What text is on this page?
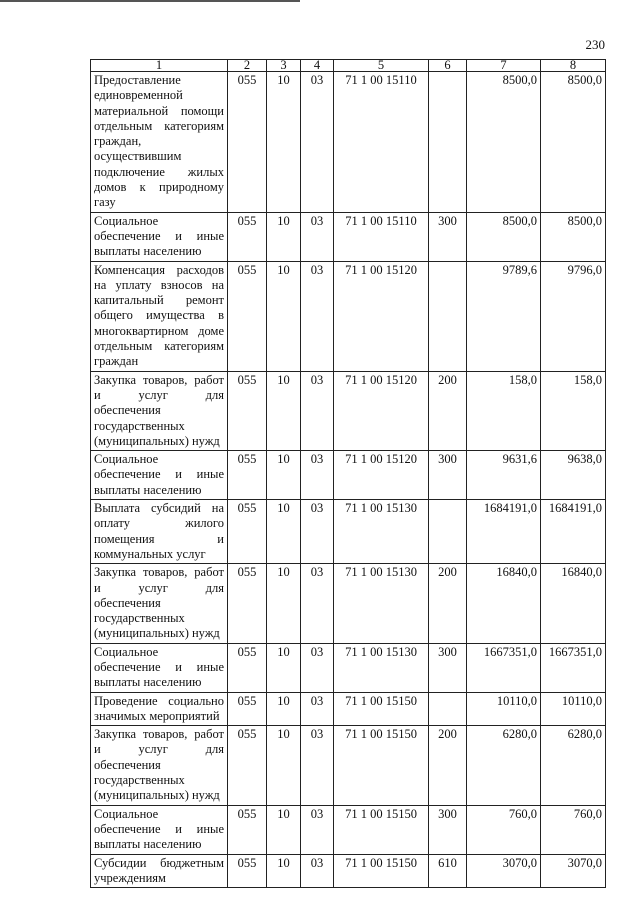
230
1	2	3	4	5	6	7	8
Предоставление единовременной материальной помощи отдельным категориям граждан, осуществившим подключение жилых домов к природному газу	055	10	03	71 1 00 15110		8500,0	8500,0
Социальное обеспечение и иные выплаты населению	055	10	03	71 1 00 15110	300	8500,0	8500,0
Компенсация расходов на уплату взносов на капитальный ремонт общего имущества в многоквартирном доме отдельным категориям граждан	055	10	03	71 1 00 15120		9789,6	9796,0
Закупка товаров, работ и услуг для обеспечения государственных (муниципальных) нужд	055	10	03	71 1 00 15120	200	158,0	158,0
Социальное обеспечение и иные выплаты населению	055	10	03	71 1 00 15120	300	9631,6	9638,0
Выплата субсидий на оплату жилого помещения и коммунальных услуг	055	10	03	71 1 00 15130		1684191,0	1684191,0
Закупка товаров, работ и услуг для обеспечения государственных (муниципальных) нужд	055	10	03	71 1 00 15130	200	16840,0	16840,0
Социальное обеспечение и иные выплаты населению	055	10	03	71 1 00 15130	300	1667351,0	1667351,0
Проведение социально значимых мероприятий	055	10	03	71 1 00 15150		10110,0	10110,0
Закупка товаров, работ и услуг для обеспечения государственных (муниципальных) нужд	055	10	03	71 1 00 15150	200	6280,0	6280,0
Социальное обеспечение и иные выплаты населению	055	10	03	71 1 00 15150	300	760,0	760,0
Субсидии бюджетным учреждениям	055	10	03	71 1 00 15150	610	3070,0	3070,0
